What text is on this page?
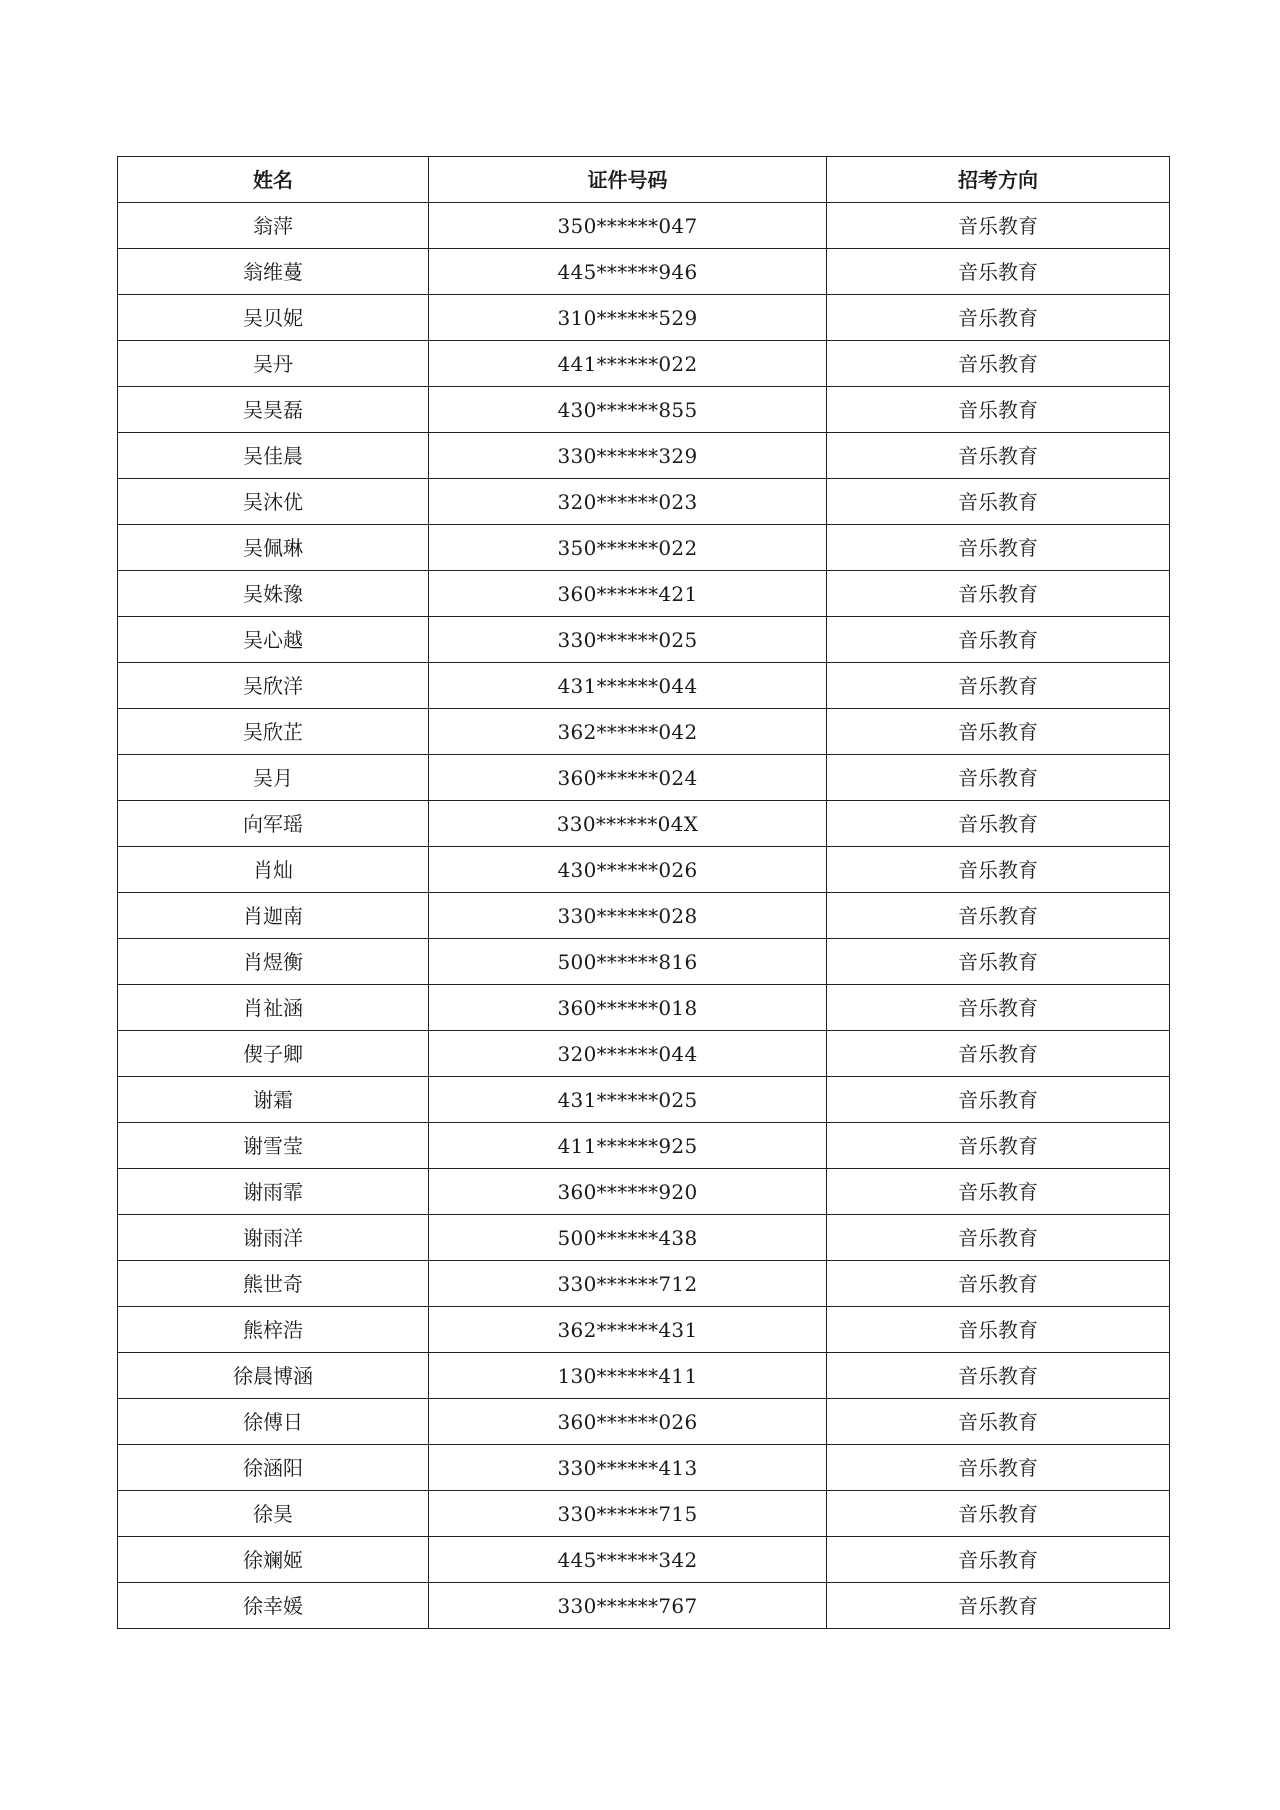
姓名	证件号码	招考方向
翁萍	350******047	音乐教育
翁维蔓	445******946	音乐教育
吴贝妮	310******529	音乐教育
吴丹	441******022	音乐教育
吴昊磊	430******855	音乐教育
吴佳晨	330******329	音乐教育
吴沐优	320******023	音乐教育
吴佩琳	350******022	音乐教育
吴姝豫	360******421	音乐教育
吴心越	330******025	音乐教育
吴欣洋	431******044	音乐教育
吴欣芷	362******042	音乐教育
吴月	360******024	音乐教育
向军瑶	330******04X	音乐教育
肖灿	430******026	音乐教育
肖迦南	330******028	音乐教育
肖煜衡	500******816	音乐教育
肖祉涵	360******018	音乐教育
偰子卿	320******044	音乐教育
谢霜	431******025	音乐教育
谢雪莹	411******925	音乐教育
谢雨霏	360******920	音乐教育
谢雨洋	500******438	音乐教育
熊世奇	330******712	音乐教育
熊梓浩	362******431	音乐教育
徐晨博涵	130******411	音乐教育
徐傅日	360******026	音乐教育
徐涵阳	330******413	音乐教育
徐昊	330******715	音乐教育
徐斓姬	445******342	音乐教育
徐幸媛	330******767	音乐教育
